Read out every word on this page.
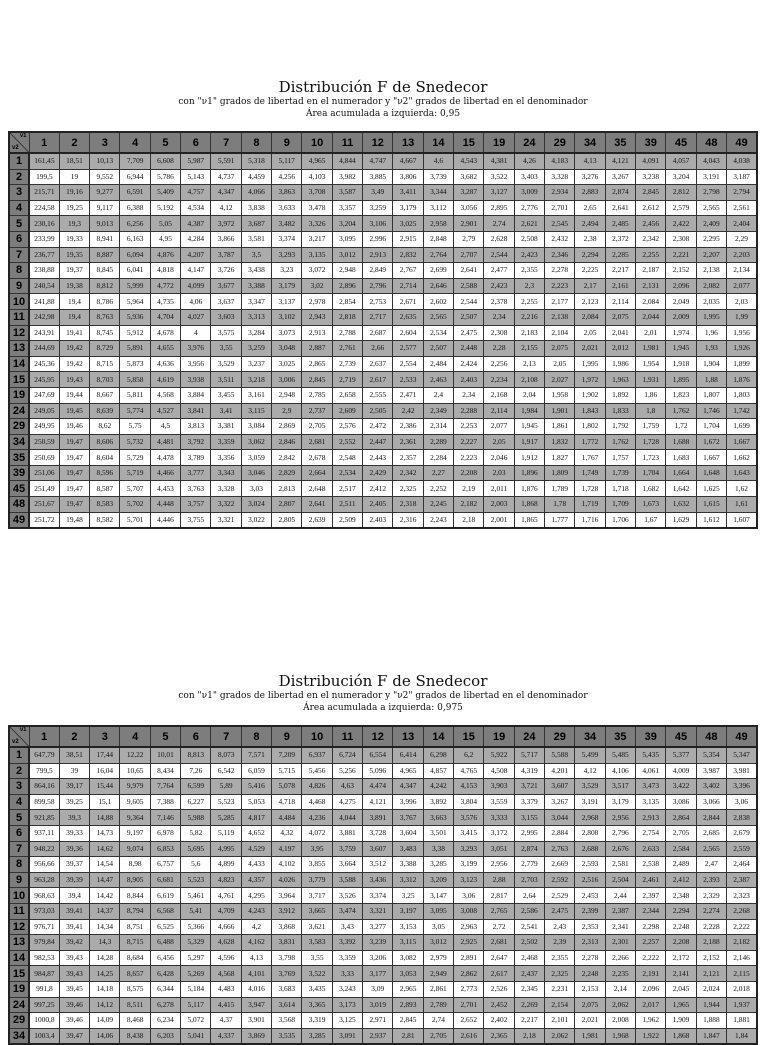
Distribución F de Snedecor

con "ν1" grados de libertad en el numerador y "ν2" grados de libertad en el denominador

Área acumulada a izquierda: 0,95

ν1
ν2	1	2	3	4	5	6	7	8	9	10	11	12	13	14	15	19	24	29	34	35	39	45	48	49
1	161,45	18,51	10,13	7,709	6,608	5,987	5,591	5,318	5,117	4,965	4,844	4,747	4,667	4,6	4,543	4,381	4,26	4,183	4,13	4,121	4,091	4,057	4,043	4,038
2	199,5	19	9,552	6,944	5,786	5,143	4,737	4,459	4,256	4,103	3,982	3,885	3,806	3,739	3,682	3,522	3,403	3,328	3,276	3,267	3,238	3,204	3,191	3,187
3	215,71	19,16	9,277	6,591	5,409	4,757	4,347	4,066	3,863	3,708	3,587	3,49	3,411	3,344	3,287	3,127	3,009	2,934	2,883	2,874	2,845	2,812	2,798	2,794
4	224,58	19,25	9,117	6,388	5,192	4,534	4,12	3,838	3,633	3,478	3,357	3,259	3,179	3,112	3,056	2,895	2,776	2,701	2,65	2,641	2,612	2,579	2,565	2,561
5	230,16	19,3	9,013	6,256	5,05	4,387	3,972	3,687	3,482	3,326	3,204	3,106	3,025	2,958	2,901	2,74	2,621	2,545	2,494	2,485	2,456	2,422	2,409	2,404
6	233,99	19,33	8,941	6,163	4,95	4,284	3,866	3,581	3,374	3,217	3,095	2,996	2,915	2,848	2,79	2,628	2,508	2,432	2,38	2,372	2,342	2,308	2,295	2,29
7	236,77	19,35	8,887	6,094	4,876	4,207	3,787	3,5	3,293	3,135	3,012	2,913	2,832	2,764	2,707	2,544	2,423	2,346	2,294	2,285	2,255	2,221	2,207	2,203
8	238,88	19,37	8,845	6,041	4,818	4,147	3,726	3,438	3,23	3,072	2,948	2,849	2,767	2,699	2,641	2,477	2,355	2,278	2,225	2,217	2,187	2,152	2,138	2,134
9	240,54	19,38	8,812	5,999	4,772	4,099	3,677	3,388	3,179	3,02	2,896	2,796	2,714	2,646	2,588	2,423	2,3	2,223	2,17	2,161	2,131	2,096	2,082	2,077
10	241,88	19,4	8,786	5,964	4,735	4,06	3,637	3,347	3,137	2,978	2,854	2,753	2,671	2,602	2,544	2,378	2,255	2,177	2,123	2,114	2,084	2,049	2,035	2,03
11	242,98	19,4	8,763	5,936	4,704	4,027	3,603	3,313	3,102	2,943	2,818	2,717	2,635	2,565	2,507	2,34	2,216	2,138	2,084	2,075	2,044	2,009	1,995	1,99
12	243,91	19,41	8,745	5,912	4,678	4	3,575	3,284	3,073	2,913	2,788	2,687	2,604	2,534	2,475	2,308	2,183	2,104	2,05	2,041	2,01	1,974	1,96	1,956
13	244,69	19,42	8,729	5,891	4,655	3,976	3,55	3,259	3,048	2,887	2,761	2,66	2,577	2,507	2,448	2,28	2,155	2,075	2,021	2,012	1,981	1,945	1,93	1,926
14	245,36	19,42	8,715	5,873	4,636	3,956	3,529	3,237	3,025	2,865	2,739	2,637	2,554	2,484	2,424	2,256	2,13	2,05	1,995	1,986	1,954	1,918	1,904	1,899
15	245,95	19,43	8,703	5,858	4,619	3,938	3,511	3,218	3,006	2,845	2,719	2,617	2,533	2,463	2,403	2,234	2,108	2,027	1,972	1,963	1,931	1,895	1,88	1,876
19	247,69	19,44	8,667	5,811	4,568	3,884	3,455	3,161	2,948	2,785	2,658	2,555	2,471	2,4	2,34	2,168	2,04	1,958	1,902	1,892	1,86	1,823	1,807	1,803
24	249,05	19,45	8,639	5,774	4,527	3,841	3,41	3,115	2,9	2,737	2,609	2,505	2,42	2,349	2,288	2,114	1,984	1,901	1,843	1,833	1,8	1,762	1,746	1,742
29	249,95	19,46	8,62	5,75	4,5	3,813	3,381	3,084	2,869	2,705	2,576	2,472	2,386	2,314	2,253	2,077	1,945	1,861	1,802	1,792	1,759	1,72	1,704	1,699
34	250,59	19,47	8,606	5,732	4,481	3,792	3,359	3,062	2,846	2,681	2,552	2,447	2,361	2,289	2,227	2,05	1,917	1,832	1,772	1,762	1,728	1,688	1,672	1,667
35	250,69	19,47	8,604	5,729	4,478	3,789	3,356	3,059	2,842	2,678	2,548	2,443	2,357	2,284	2,223	2,046	1,912	1,827	1,767	1,757	1,723	1,683	1,667	1,662
39	251,06	19,47	8,596	5,719	4,466	3,777	3,343	3,046	2,829	2,664	2,534	2,429	2,342	2,27	2,208	2,03	1,896	1,809	1,749	1,739	1,704	1,664	1,648	1,643
45	251,49	19,47	8,587	5,707	4,453	3,763	3,328	3,03	2,813	2,648	2,517	2,412	2,325	2,252	2,19	2,011	1,876	1,789	1,728	1,718	1,682	1,642	1,625	1,62
48	251,67	19,47	8,583	5,702	4,448	3,757	3,322	3,024	2,807	2,641	2,511	2,405	2,318	2,245	2,182	2,003	1,868	1,78	1,719	1,709	1,673	1,632	1,615	1,61
49	251,72	19,48	8,582	5,701	4,446	3,755	3,321	3,022	2,805	2,639	2,509	2,403	2,316	2,243	2,18	2,001	1,865	1,777	1,716	1,706	1,67	1,629	1,612	1,607

Distribución F de Snedecor

con "ν1" grados de libertad en el numerador y "ν2" grados de libertad en el denominador

Área acumulada a izquierda: 0,975

ν1
ν2	1	2	3	4	5	6	7	8	9	10	11	12	13	14	15	19	24	29	34	35	39	45	48	49
1	647,79	38,51	17,44	12,22	10,01	8,813	8,073	7,571	7,209	6,937	6,724	6,554	6,414	6,298	6,2	5,922	5,717	5,588	5,499	5,485	5,435	5,377	5,354	5,347
2	799,5	39	16,04	10,65	8,434	7,26	6,542	6,059	5,715	5,456	5,256	5,096	4,965	4,857	4,765	4,508	4,319	4,201	4,12	4,106	4,061	4,009	3,987	3,981
3	864,16	39,17	15,44	9,979	7,764	6,599	5,89	5,416	5,078	4,826	4,63	4,474	4,347	4,242	4,153	3,903	3,721	3,607	3,529	3,517	3,473	3,422	3,402	3,396
4	899,58	39,25	15,1	9,605	7,388	6,227	5,523	5,053	4,718	4,468	4,275	4,121	3,996	3,892	3,804	3,559	3,379	3,267	3,191	3,179	3,135	3,086	3,066	3,06
5	921,85	39,3	14,88	9,364	7,146	5,988	5,285	4,817	4,484	4,236	4,044	3,891	3,767	3,663	3,576	3,333	3,155	3,044	2,968	2,956	2,913	2,864	2,844	2,838
6	937,11	39,33	14,73	9,197	6,978	5,82	5,119	4,652	4,32	4,072	3,881	3,728	3,604	3,501	3,415	3,172	2,995	2,884	2,808	2,796	2,754	2,705	2,685	2,679
7	948,22	39,36	14,62	9,074	6,853	5,695	4,995	4,529	4,197	3,95	3,759	3,607	3,483	3,38	3,293	3,051	2,874	2,763	2,688	2,676	2,633	2,584	2,565	2,559
8	956,66	39,37	14,54	8,98	6,757	5,6	4,899	4,433	4,102	3,855	3,664	3,512	3,388	3,285	3,199	2,956	2,779	2,669	2,593	2,581	2,538	2,489	2,47	2,464
9	963,28	39,39	14,47	8,905	6,681	5,523	4,823	4,357	4,026	3,779	3,588	3,436	3,312	3,209	3,123	2,88	2,703	2,592	2,516	2,504	2,461	2,412	2,393	2,387
10	968,63	39,4	14,42	8,844	6,619	5,461	4,761	4,295	3,964	3,717	3,526	3,374	3,25	3,147	3,06	2,817	2,64	2,529	2,453	2,44	2,397	2,348	2,329	2,323
11	973,03	39,41	14,37	8,794	6,568	5,41	4,709	4,243	3,912	3,665	3,474	3,321	3,197	3,095	3,008	2,765	2,586	2,475	2,399	2,387	2,344	2,294	2,274	2,268
12	976,71	39,41	14,34	8,751	6,525	5,366	4,666	4,2	3,868	3,621	3,43	3,277	3,153	3,05	2,963	2,72	2,541	2,43	2,353	2,341	2,298	2,248	2,228	2,222
13	979,84	39,42	14,3	8,715	6,488	5,329	4,628	4,162	3,831	3,583	3,392	3,239	3,115	3,012	2,925	2,681	2,502	2,39	2,313	2,301	2,257	2,208	2,188	2,182
14	982,53	39,43	14,28	8,684	6,456	5,297	4,596	4,13	3,798	3,55	3,359	3,206	3,082	2,979	2,891	2,647	2,468	2,355	2,278	2,266	2,222	2,172	2,152	2,146
15	984,87	39,43	14,25	8,657	6,428	5,269	4,568	4,101	3,769	3,522	3,33	3,177	3,053	2,949	2,862	2,617	2,437	2,325	2,248	2,235	2,191	2,141	2,121	2,115
19	991,8	39,45	14,18	8,575	6,344	5,184	4,483	4,016	3,683	3,435	3,243	3,09	2,965	2,861	2,773	2,526	2,345	2,231	2,153	2,14	2,096	2,045	2,024	2,018
24	997,25	39,46	14,12	8,511	6,278	5,117	4,415	3,947	3,614	3,365	3,173	3,019	2,893	2,789	2,701	2,452	2,269	2,154	2,075	2,062	2,017	1,965	1,944	1,937
29	1000,8	39,46	14,09	8,468	6,234	5,072	4,37	3,901	3,568	3,319	3,125	2,971	2,845	2,74	2,652	2,402	2,217	2,101	2,021	2,008	1,962	1,909	1,888	1,881
34	1003,4	39,47	14,06	8,438	6,203	5,041	4,337	3,869	3,535	3,285	3,091	2,937	2,81	2,705	2,616	2,365	2,18	2,062	1,981	1,968	1,922	1,868	1,847	1,84
